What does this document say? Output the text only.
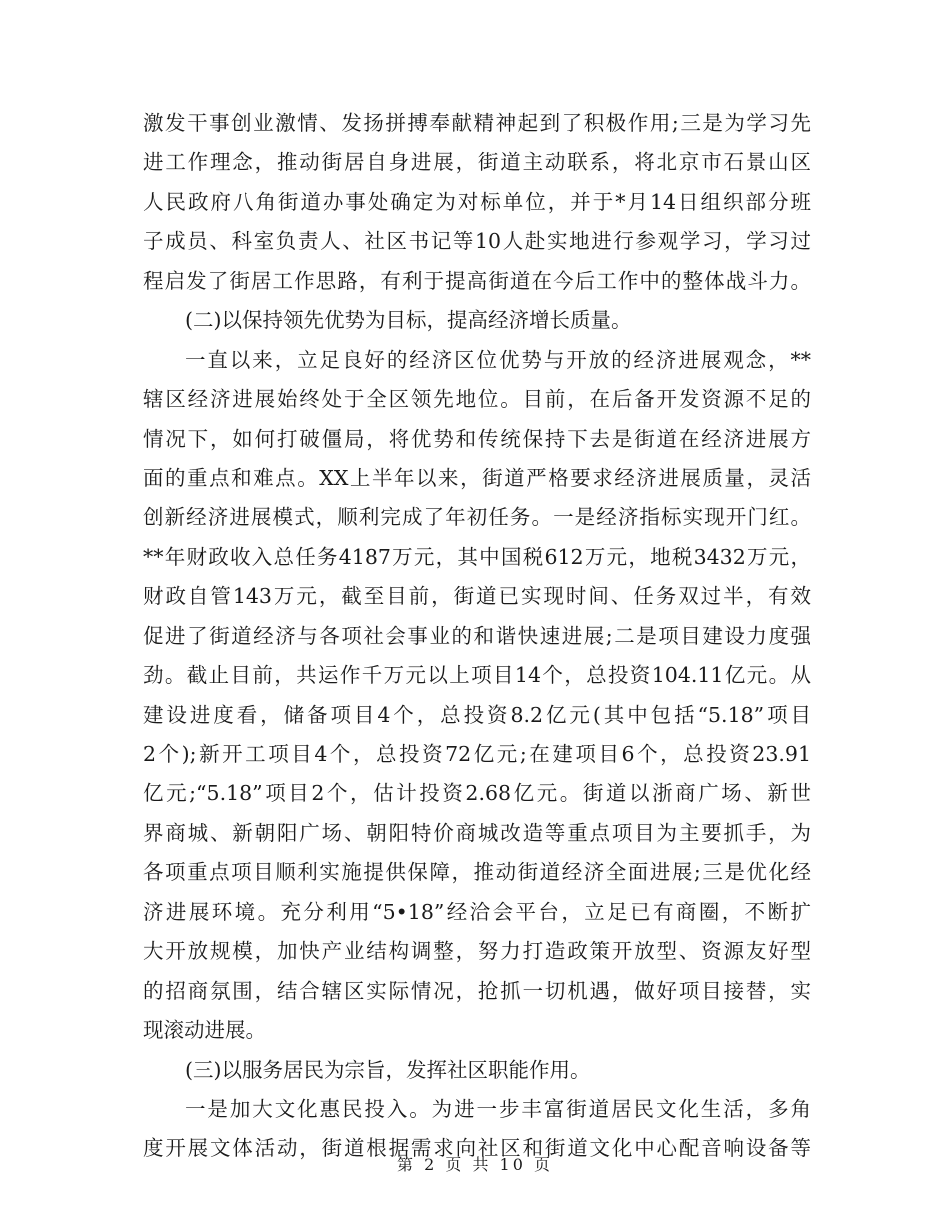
激发干事创业激情、发扬拼搏奉献精神起到了积极作用;三是为学习先
进工作理念，推动街居自身进展，街道主动联系，将北京市石景山区
人民政府八角街道办事处确定为对标单位，并于*月14日组织部分班
子成员、科室负责人、社区书记等10人赴实地进行参观学习，学习过
程启发了街居工作思路，有利于提高街道在今后工作中的整体战斗力。
(二)以保持领先优势为目标，提高经济增长质量。
一直以来，立足良好的经济区位优势与开放的经济进展观念，**
辖区经济进展始终处于全区领先地位。目前，在后备开发资源不足的
情况下，如何打破僵局，将优势和传统保持下去是街道在经济进展方
面的重点和难点。XX上半年以来，街道严格要求经济进展质量，灵活
创新经济进展模式，顺利完成了年初任务。一是经济指标实现开门红。
**年财政收入总任务4187万元，其中国税612万元，地税3432万元，
财政自管143万元，截至目前，街道已实现时间、任务双过半，有效
促进了街道经济与各项社会事业的和谐快速进展;二是项目建设力度强
劲。截止目前，共运作千万元以上项目14个，总投资104.11亿元。从
建设进度看，储备项目4个，总投资8.2亿元(其中包括“5.18”项目
2个);新开工项目4个，总投资72亿元;在建项目6个，总投资23.91
亿元;“5.18”项目2个，估计投资2.68亿元。街道以浙商广场、新世
界商城、新朝阳广场、朝阳特价商城改造等重点项目为主要抓手，为
各项重点项目顺利实施提供保障，推动街道经济全面进展;三是优化经
济进展环境。充分利用“5•18”经洽会平台，立足已有商圈，不断扩
大开放规模，加快产业结构调整，努力打造政策开放型、资源友好型
的招商氛围，结合辖区实际情况，抢抓一切机遇，做好项目接替，实
现滚动进展。
(三)以服务居民为宗旨，发挥社区职能作用。
一是加大文化惠民投入。为进一步丰富街道居民文化生活，多角
度开展文体活动，街道根据需求向社区和街道文化中心配音响设备等
第 2 页 共 10 页
